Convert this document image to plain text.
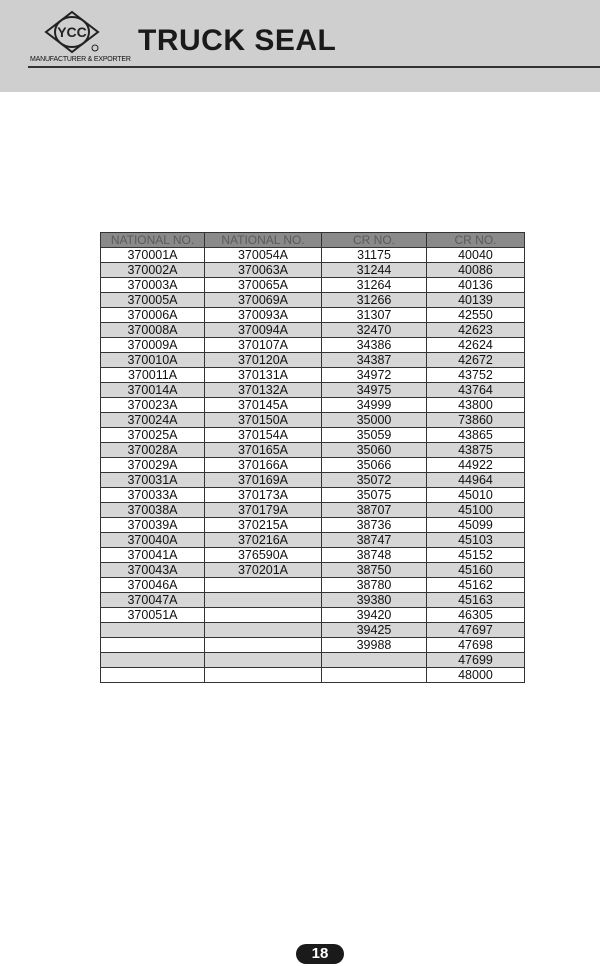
YCC
MANUFACTURER & EXPORTER
TRUCK SEAL
NATIONAL NO.	NATIONAL NO.	CR NO.	CR NO.
370001A	370054A	31175	40040
370002A	370063A	31244	40086
370003A	370065A	31264	40136
370005A	370069A	31266	40139
370006A	370093A	31307	42550
370008A	370094A	32470	42623
370009A	370107A	34386	42624
370010A	370120A	34387	42672
370011A	370131A	34972	43752
370014A	370132A	34975	43764
370023A	370145A	34999	43800
370024A	370150A	35000	73860
370025A	370154A	35059	43865
370028A	370165A	35060	43875
370029A	370166A	35066	44922
370031A	370169A	35072	44964
370033A	370173A	35075	45010
370038A	370179A	38707	45100
370039A	370215A	38736	45099
370040A	370216A	38747	45103
370041A	376590A	38748	45152
370043A	370201A	38750	45160
370046A		38780	45162
370047A		39380	45163
370051A		39420	46305
		39425	47697
		39988	47698
			47699
			48000
18
